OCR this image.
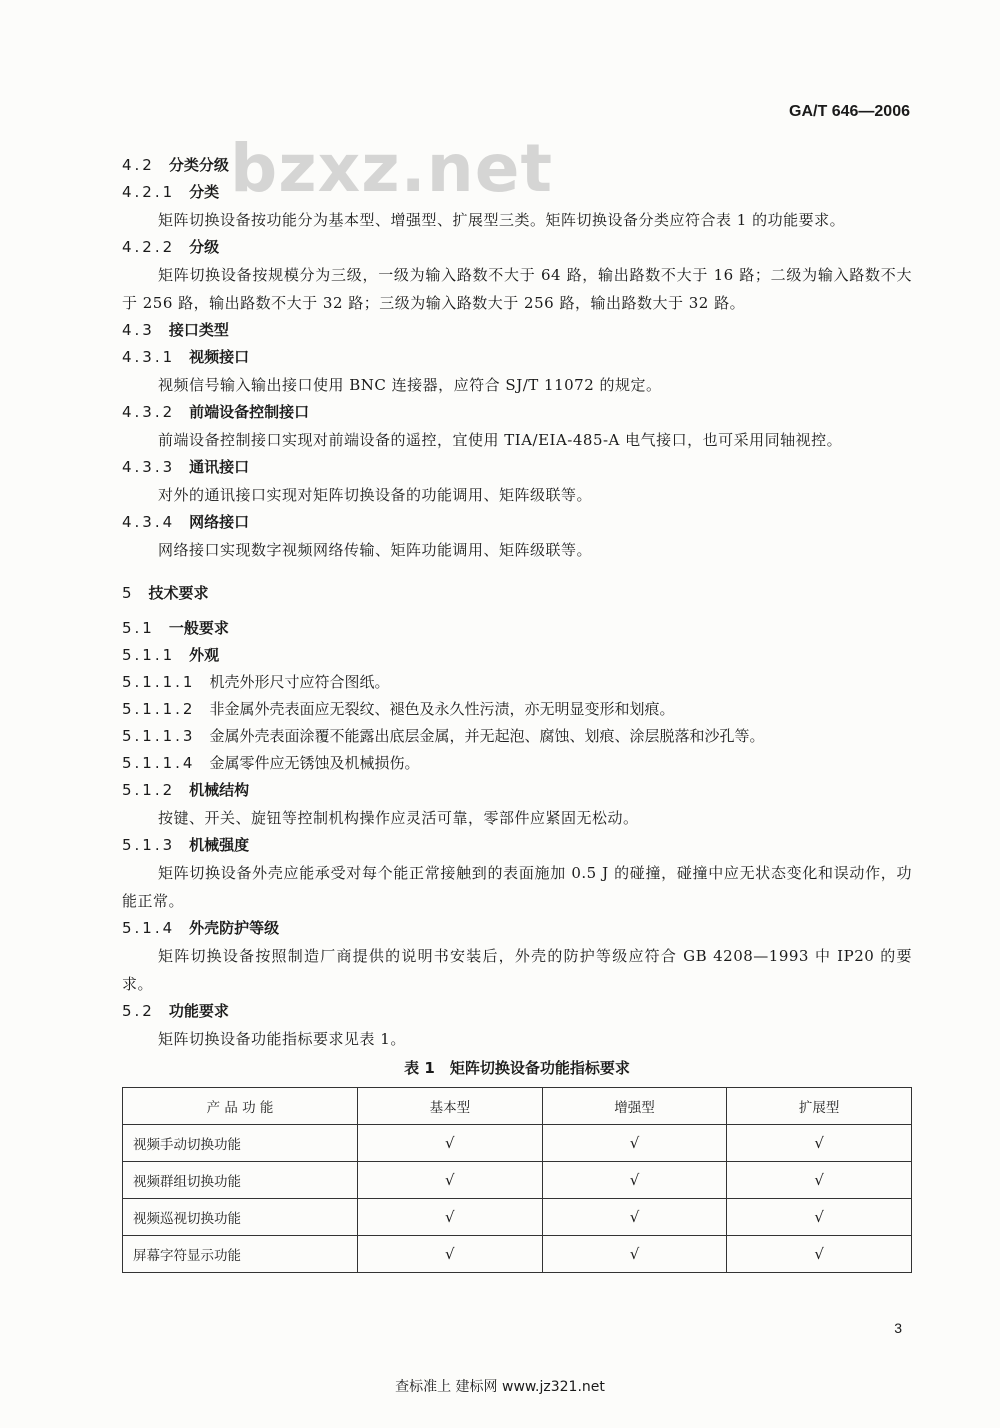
GA/T 646—2006
bzxz.net
4.2 分类分级
4.2.1 分类
矩阵切换设备按功能分为基本型、增强型、扩展型三类。矩阵切换设备分类应符合表 1 的功能要求。
4.2.2 分级
矩阵切换设备按规模分为三级，一级为输入路数不大于 64 路，输出路数不大于 16 路；二级为输入路数不大于 256 路，输出路数不大于 32 路；三级为输入路数大于 256 路，输出路数大于 32 路。
4.3 接口类型
4.3.1 视频接口
视频信号输入输出接口使用 BNC 连接器，应符合 SJ/T 11072 的规定。
4.3.2 前端设备控制接口
前端设备控制接口实现对前端设备的遥控，宜使用 TIA/EIA-485-A 电气接口，也可采用同轴视控。
4.3.3 通讯接口
对外的通讯接口实现对矩阵切换设备的功能调用、矩阵级联等。
4.3.4 网络接口
网络接口实现数字视频网络传输、矩阵功能调用、矩阵级联等。
5 技术要求
5.1 一般要求
5.1.1 外观
5.1.1.1 机壳外形尺寸应符合图纸。
5.1.1.2 非金属外壳表面应无裂纹、褪色及永久性污渍，亦无明显变形和划痕。
5.1.1.3 金属外壳表面涂覆不能露出底层金属，并无起泡、腐蚀、划痕、涂层脱落和沙孔等。
5.1.1.4 金属零件应无锈蚀及机械损伤。
5.1.2 机械结构
按键、开关、旋钮等控制机构操作应灵活可靠，零部件应紧固无松动。
5.1.3 机械强度
矩阵切换设备外壳应能承受对每个能正常接触到的表面施加 0.5 J 的碰撞，碰撞中应无状态变化和误动作，功能正常。
5.1.4 外壳防护等级
矩阵切换设备按照制造厂商提供的说明书安装后，外壳的防护等级应符合 GB 4208—1993 中 IP20 的要求。
5.2 功能要求
矩阵切换设备功能指标要求见表 1。
表 1　矩阵切换设备功能指标要求
产 品 功 能	基本型	增强型	扩展型
视频手动切换功能	√	√	√
视频群组切换功能	√	√	√
视频巡视切换功能	√	√	√
屏幕字符显示功能	√	√	√
3
查标准上 建标网 www.jz321.net
